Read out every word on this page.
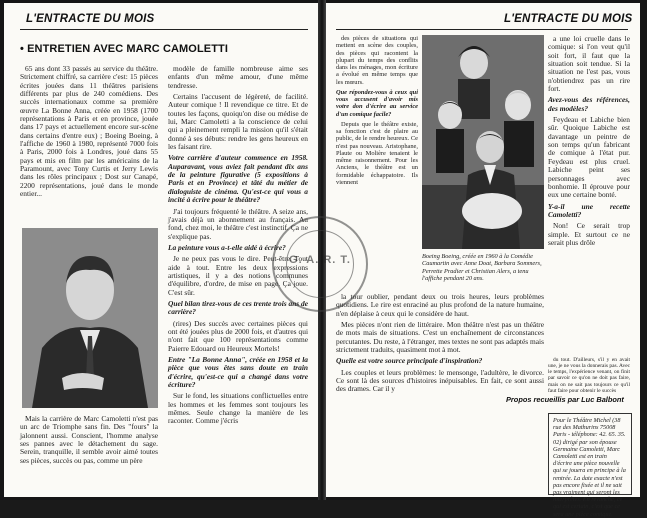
L'ENTRACTE DU MOIS
• ENTRETIEN AVEC MARC CAMOLETTI

65 ans dont 33 passés au service du théâtre. Strictement chiffré, sa carrière c'est: 15 pièces écrites jouées dans 11 théâtres parisiens différents par plus de 240 comédiens. Des succès internationaux comme sa première œuvre La Bonne Anna, créée en 1958 (1700 représentations à Paris et en province, jouée dans 17 pays et actuellement encore sur-scène dans certains d'entre eux) ; Boeing Boeing, à l'affiche de 1960 à 1980, représenté 7000 fois à Paris, 2000 fois à Londres, joué dans 55 pays et mis en film par les américains de la Paramount, avec Tony Curtis et Jerry Lewis dans les rôles principaux ; Dost sur Canapé, 2200 représentations, joué dans le monde entier...

Mais la carrière de Marc Camoletti n'est pas un arc de Triomphe sans fin. Des "fours" la jalonnent aussi. Conscient, l'homme analyse ses pannes avec le détachement du sage. Serein, tranquille, il semble avoir aimé toutes ses pièces, succès ou pas, comme un père

modèle de famille nombreuse aime ses enfants d'un même amour, d'une même tendresse.

Certains l'accusent de légèreté, de facilité. Auteur comique ! Il revendique ce titre. Et de toutes les façons, quoiqu'on dise ou médise de lui, Marc Camoletti a la conscience de celui qui a pleinement rempli la mission qu'il s'était donné à ses débuts: rendre les gens heureux en les faisant rire.

Votre carrière d'auteur commence en 1958. Auparavant, vous aviez fait pendant dix ans de la peinture figurative (5 expositions à Paris et en Province) et tâté du métier de dialoguiste de cinéma. Qu'est-ce qui vous a incité à écrire pour le théâtre?

J'ai toujours fréquenté le théâtre. A seize ans, j'avais déjà un abonnement au français. Au fond, chez moi, le théâtre c'est instinctif. Ça ne s'explique pas.

La peinture vous a-t-elle aidé à écrire?

Je ne peux pas vous le dire. Peut-être. Tout aide à tout. Entre les deux expressions artistiques, il y a des notions communes d'équilibre, d'ordre, de mise en page. Ça joue. C'est sûr.

Quel bilan tirez-vous de ces trente trois ans de carrière?

(rires) Des succès avec certaines pièces qui ont été jouées plus de 2000 fois, et d'autres qui n'ont fait que 100 représentations comme Paierre Edouard ou Heureux Mortels!

Entre "La Bonne Anna", créée en 1958 et la pièce que vous êtes sans doute en train d'écrire, qu'est-ce qui a changé dans votre écriture?

Sur le fond, les situations conflictuelles entre les hommes et les femmes sont toujours les mêmes. Seule change la manière de les raconter. Comme j'écris

L'ENTRACTE DU MOIS

des pièces de situations qui mettent en scène des couples, des pièces qui racontent la plupart du temps des conflits dans les ménages, mon écriture a évolué en même temps que les mœurs.

Que répondez-vous à ceux qui vous accusent d'avoir mis votre don d'écrire au service d'un comique facile?

Depuis que le théâtre existe, sa fonction c'est de plaire au public, de le rendre heureux. Ce n'est pas nouveau. Aristophane, Plaute ou Molière tenaient le même raisonnement. Pour les Anciens, le théâtre est un formidable échappatoire. Ils viennent

Boeing Boeing, créée en 1960 à la Comédie Caumartin avec Anne Doat, Barbara Sommers, Perrette Pradier et Christian Alers, a tenu l'affiche pendant 20 ans.

a une loi cruelle dans le comique: si l'on veut qu'il soit fort, il faut que la situation soit tendue. Si la situation ne l'est pas, vous n'obtiendrez pas un rire fort.

Avez-vous des références, des modèles?

Feydeau et Labiche bien sûr. Quoique Labiche est davantage un peintre de son temps qu'un fabricant de comique à l'état pur. Feydeau est plus cruel. Labiche peint ses personnages avec bonhomie. Il éprouve pour eux une certaine bonté.

Y-a-il une recette Camoletti?

Non! Ce serait trop simple. Et surtout ce ne serait plus drôle

la tour oublier, pendant deux ou trois heures, leurs problèmes quotidiens. Le rire est enraciné au plus profond de la nature humaine, n'en déplaise à ceux qui le considère de haut.

Mes pièces n'ont rien de littéraire. Mon théâtre n'est pas un théâtre de mots mais de situations. C'est un enchaînement de circonstances percutantes. Du reste, à l'étranger, mes textes ne sont pas adaptés mais strictement traduits, quasiment mot à mot.

Quelle est votre source principale d'inspiration?

Les couples et leurs problèmes: le mensonge, l'adultère, le divorce. Ce sont là des sources d'histoires inépuisables. En fait, ce sont aussi des drames. Car il y

du tout. D'ailleurs, s'il y en avait une, je ne vous la donnerais pas. Avec le temps, l'expérience venant, on finit par savoir ce qu'on ne doit pas faire, mais on ne sait pas toujours ce qu'il faut faire pour obtenir le succès

Propos recueillis par Luc Balbont
Pour le Théâtre Michel (38 rue des Mathurins 75008 Paris - téléphone: 42. 65. 35. 02) dirigé par son épouse Germaine Camoletti, Marc Camoletti est en train d'écrire une pièce nouvelle qui se jouera en principe à la rentrée. La date exacte n'est pas encore fixée et il ne sait pas vraiment qui seront les interprètes. En revanche, ce qui est certain, c'est que ce sera une pièce comique.
G. A. R. T.
